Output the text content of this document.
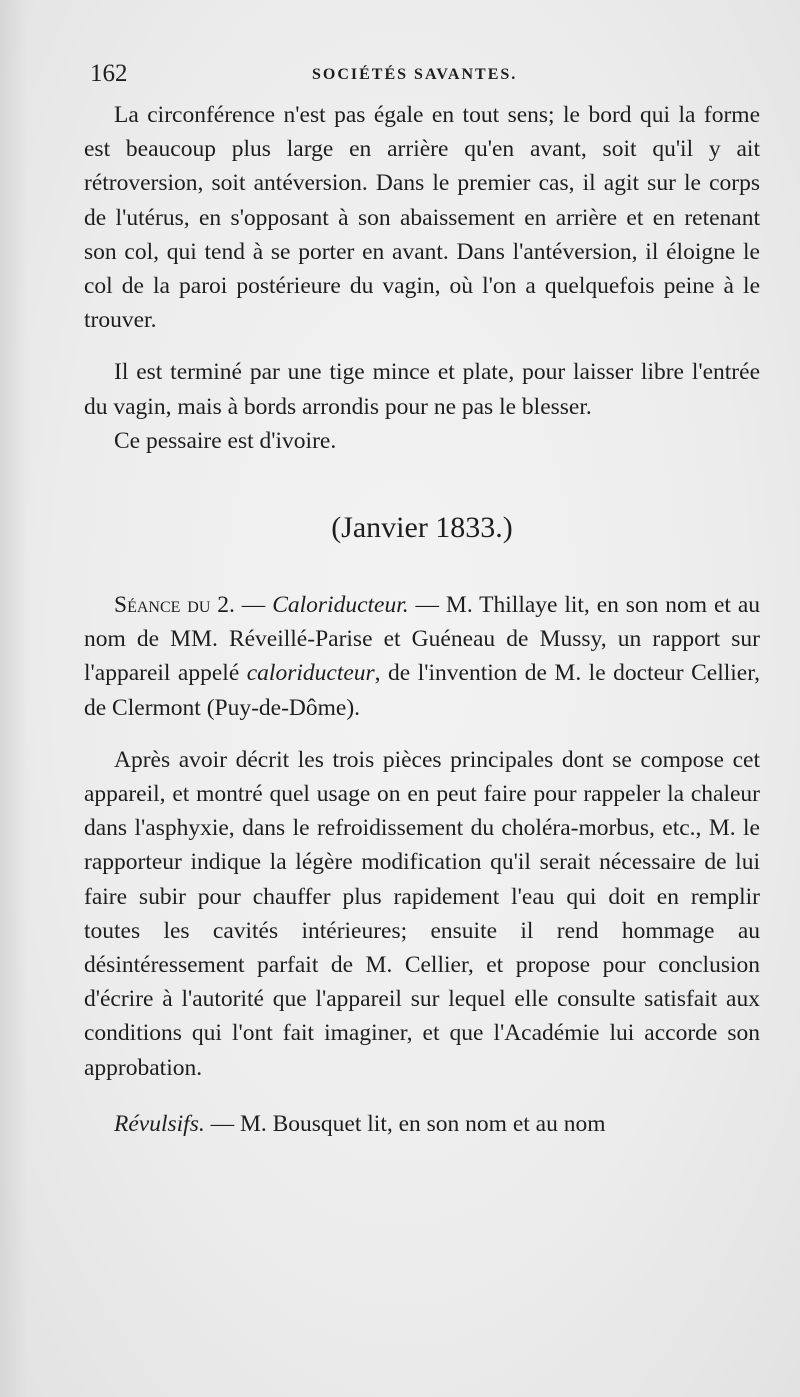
162	SOCIÉTÉS SAVANTES.

La circonférence n'est pas égale en tout sens; le bord qui la forme est beaucoup plus large en arrière qu'en avant, soit qu'il y ait rétroversion, soit antéversion. Dans le premier cas, il agit sur le corps de l'utérus, en s'opposant à son abaissement en arrière et en retenant son col, qui tend à se porter en avant. Dans l'antéversion, il éloigne le col de la paroi postérieure du vagin, où l'on a quelquefois peine à le trouver.

Il est terminé par une tige mince et plate, pour laisser libre l'entrée du vagin, mais à bords arrondis pour ne pas le blesser.

Ce pessaire est d'ivoire.

(Janvier 1833.)

Séance du 2. — Caloriducteur. — M. Thillaye lit, en son nom et au nom de MM. Réveillé-Parise et Guéneau de Mussy, un rapport sur l'appareil appelé caloriducteur, de l'invention de M. le docteur Cellier, de Clermont (Puy-de-Dôme).

Après avoir décrit les trois pièces principales dont se compose cet appareil, et montré quel usage on en peut faire pour rappeler la chaleur dans l'asphyxie, dans le refroidissement du choléra-morbus, etc., M. le rapporteur indique la légère modification qu'il serait nécessaire de lui faire subir pour chauffer plus rapidement l'eau qui doit en remplir toutes les cavités intérieures; ensuite il rend hommage au désintéressement parfait de M. Cellier, et propose pour conclusion d'écrire à l'autorité que l'appareil sur lequel elle consulte satisfait aux conditions qui l'ont fait imaginer, et que l'Académie lui accorde son approbation.

Révulsifs. — M. Bousquet lit, en son nom et au nom
